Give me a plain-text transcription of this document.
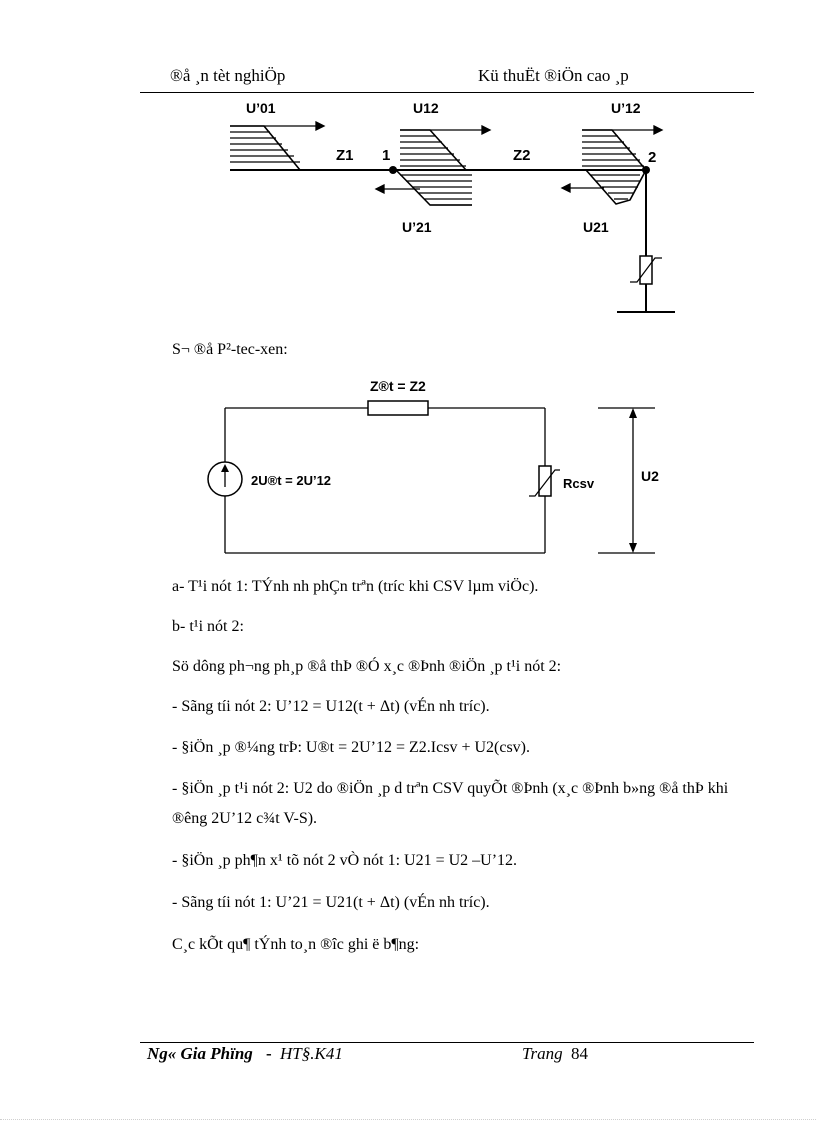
®å ¸n tèt nghiÖp	Kü thuËt ®iÖn cao ¸p
U’01	U12	U’12
Z1	Z2
1	2
U’21	U21
S¬ ®å P²-tec-xen:
Z®t = Z2
2U®t = 2U’12	Rcsv	U2
a- T¹i nót 1: TÝnh nh phÇn trªn (tríc khi CSV lµm viÖc).
b- t¹i nót 2:
Sö dông ph¬ng ph¸p ®å thÞ ®Ó x¸c ®Þnh ®iÖn ¸p t¹i nót 2:
- Sãng tíi nót 2: U’12 = U12(t + Δt) (vÉn nh tríc).
- §iÖn ¸p ®¼ng trÞ: U®t = 2U’12 = Z2.Icsv + U2(csv).
- §iÖn ¸p t¹i nót 2: U2 do ®iÖn ¸p d trªn CSV quyÕt ®Þnh (x¸c ®Þnh b»ng ®å thÞ khi ®êng 2U’12 c¾t V-S).
- §iÖn ¸p ph¶n x¹ tõ nót 2 vÒ nót 1: U21 = U2 –U’12.
- Sãng tíi nót 1: U’21 = U21(t + Δt) (vÉn nh tríc).
C¸c kÕt qu¶ tÝnh to¸n ®îc ghi ë b¶ng:
Ng« Gia Phïng - HT§.K41	Trang 84
